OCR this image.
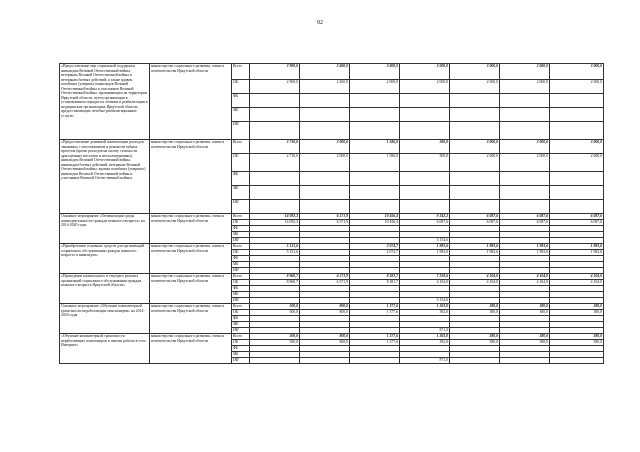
92
«Предоставление мер социальной поддержки инвалидам Великой Отечественной войны, ветеранам Великой Отечественной войны и ветеранам боевых действий, а также вдовам погибших (умерших) инвалидов Великой Отечественной войны и участников Великой Отечественной войны, проживающим на территории Иркутской области, путем организации в установленном порядке их лечения и реабилитации в медицинских организациях Иркутской области, предоставляющих лечебно-реабилитационные услуги»	министерство социального развития, опеки и попечительства Иркутской области	Всего	2 900,0	2 400,0	2 000,0	2 000,0	2 000,0	2 000,0	2 000,0
		ОБ	2 900,0	2 400,0	2 000,0	2 000,0	2 000,0	2 000,0	2 000,0
		ФБ							
		МБ							
		ИИ							
«Предоставление денежной компенсации расходов, связанных с изготовлением и ремонтом зубных протезов (кроме расходов на оплату стоимости драгоценных металлов и металлокерамики), инвалидам Великой Отечественной войны, инвалидам боевых действий, ветеранам Великой Отечественной войны, вдовам погибших (умерших) инвалидов Великой Отечественной войны и участников Великой Отечественной войны»	министерство социального развития, опеки и попечительства Иркутской области	Всего	2 710,0	2 000,0	1 586,0	500,0	2 000,0	2 000,0	2 000,0
		ОБ	2 710,0	2 000,0	1 586,0	500,0	2 000,0	2 000,0	2 000,0
		ФБ							
		МБ							
		ИИ							
Основное мероприятие «Оптимизация среды жизнедеятельности граждан пожилого возраста» на 2014-2020 годы	министерство социального развития, опеки и попечительства Иркутской области	Всего	14 092,3	6 571,9	10 456,4	9 242,2	6 087,6	6 087,6	6 087,6
		ОБ	14 092,3	6 571,9	10 456,4	6 087,6	6 087,6	6 087,6	6 087,6
		ФБ							
		МБ							
		ИИ				3 154,6			
«Приобретение основных средств для организаций социального обслуживания граждан пожилого возраста и инвалидов»	министерство социального развития, опеки и попечительства Иркутской области	Всего	5 131,6		2 074,7	1 983,6	1 983,6	1 983,6	1 983,6
		ОБ	5 131,6		2 074,7	1 983,6	1 983,6	1 983,6	1 983,6
		ФБ							
		МБ							
		ИИ							
«Проведение капитального и текущего ремонта организаций социального обслуживания граждан пожилого возраста Иркутской области»	министерство социального развития, опеки и попечительства Иркутской области	Всего	8 960,7	6 571,9	8 381,7	7 258,6	4 104,0	4 104,0	4 104,0
		ОБ	8 960,7	6 571,9	8 381,7	4 104,0	4 104,0	4 104,0	4 104,0
		ФБ							
		МБ							
		ИИ				3 154,6			
Основное мероприятие «Обучение компьютерной грамотности неработающих пенсионеров» на 2014-2020 годы	министерство социального развития, опеки и попечительства Иркутской области	Всего	500,0	800,0	1 377,6	1 263,0	380,0	380,0	380,0
		ОБ	500,0	800,0	1 377,6	392,0	380,0	380,0	380,0
		ФБ							
		МБ							
		ИИ				871,0			
«Обучение компьютерной грамотности неработающих пенсионеров и пенсии работы в сети Интернет»	министерство социального развития, опеки и попечительства Иркутской области	Всего	500,0	800,0	1 377,6	1 263,0	380,0	380,0	380,0
		ОБ	500,0	800,0	1 377,6	392,0	380,0	380,0	380,0
		ФБ							
		МБ							
		ИИ				871,0			
